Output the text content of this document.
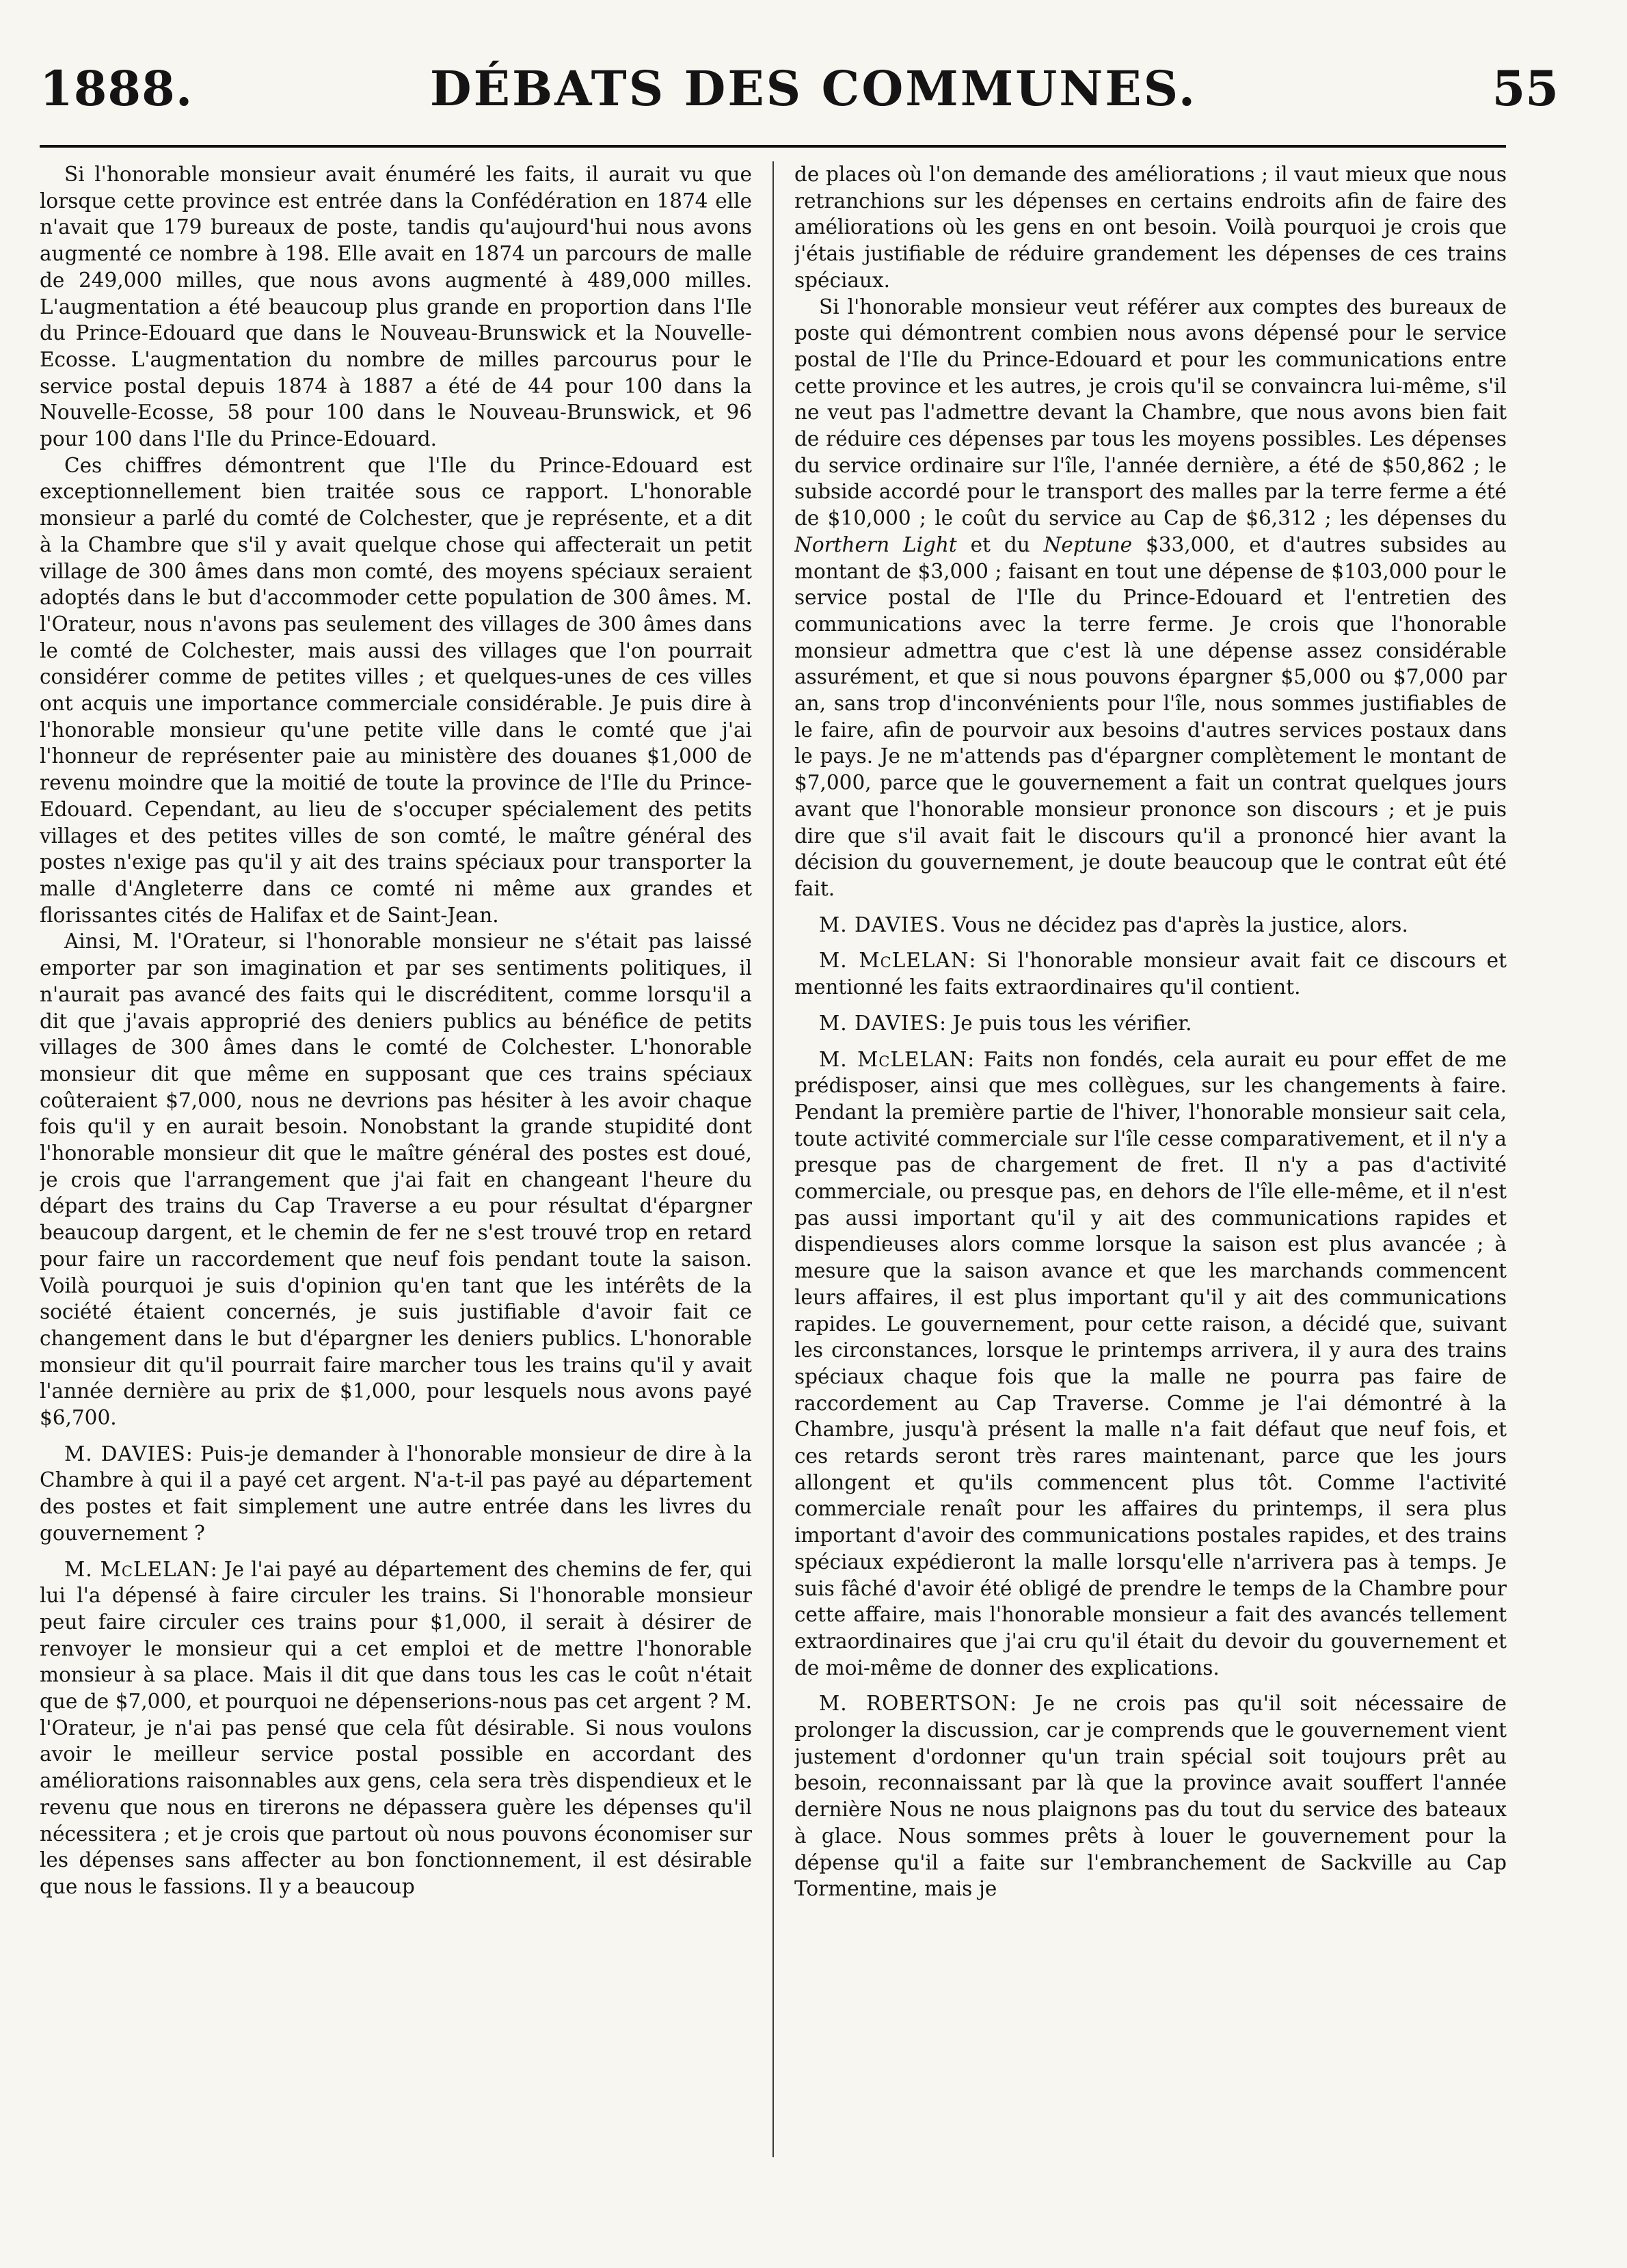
1888.	DÉBATS DES COMMUNES.	55

Si l'honorable monsieur avait énuméré les faits, il aurait vu que lorsque cette province est entrée dans la Confédération en 1874 elle n'avait que 179 bureaux de poste, tandis qu'aujourd'hui nous avons augmenté ce nombre à 198. Elle avait en 1874 un parcours de malle de 249,000 milles, que nous avons augmenté à 489,000 milles. L'augmentation a été beaucoup plus grande en proportion dans l'Ile du Prince-Edouard que dans le Nouveau-Brunswick et la Nouvelle-Ecosse. L'augmentation du nombre de milles parcourus pour le service postal depuis 1874 à 1887 a été de 44 pour 100 dans la Nouvelle-Ecosse, 58 pour 100 dans le Nouveau-Brunswick, et 96 pour 100 dans l'Ile du Prince-Edouard.

Ces chiffres démontrent que l'Ile du Prince-Edouard est exceptionnellement bien traitée sous ce rapport. L'honorable monsieur a parlé du comté de Colchester, que je représente, et a dit à la Chambre que s'il y avait quelque chose qui affecterait un petit village de 300 âmes dans mon comté, des moyens spéciaux seraient adoptés dans le but d'accommoder cette population de 300 âmes. M. l'Orateur, nous n'avons pas seulement des villages de 300 âmes dans le comté de Colchester, mais aussi des villages que l'on pourrait considérer comme de petites villes ; et quelques-unes de ces villes ont acquis une importance commerciale considérable. Je puis dire à l'honorable monsieur qu'une petite ville dans le comté que j'ai l'honneur de représenter paie au ministère des douanes $1,000 de revenu moindre que la moitié de toute la province de l'Ile du Prince-Edouard. Cependant, au lieu de s'occuper spécialement des petits villages et des petites villes de son comté, le maître général des postes n'exige pas qu'il y ait des trains spéciaux pour transporter la malle d'Angleterre dans ce comté ni même aux grandes et florissantes cités de Halifax et de Saint-Jean.

Ainsi, M. l'Orateur, si l'honorable monsieur ne s'était pas laissé emporter par son imagination et par ses sentiments politiques, il n'aurait pas avancé des faits qui le discréditent, comme lorsqu'il a dit que j'avais approprié des deniers publics au bénéfice de petits villages de 300 âmes dans le comté de Colchester. L'honorable monsieur dit que même en supposant que ces trains spéciaux coûteraient $7,000, nous ne devrions pas hésiter à les avoir chaque fois qu'il y en aurait besoin. Nonobstant la grande stupidité dont l'honorable monsieur dit que le maître général des postes est doué, je crois que l'arrangement que j'ai fait en changeant l'heure du départ des trains du Cap Traverse a eu pour résultat d'épargner beaucoup dargent, et le chemin de fer ne s'est trouvé trop en retard pour faire un raccordement que neuf fois pendant toute la saison. Voilà pourquoi je suis d'opinion qu'en tant que les intérêts de la société étaient concernés, je suis justifiable d'avoir fait ce changement dans le but d'épargner les deniers publics. L'honorable monsieur dit qu'il pourrait faire marcher tous les trains qu'il y avait l'année dernière au prix de $1,000, pour lesquels nous avons payé $6,700.

M. DAVIES: Puis-je demander à l'honorable monsieur de dire à la Chambre à qui il a payé cet argent. N'a-t-il pas payé au département des postes et fait simplement une autre entrée dans les livres du gouvernement ?

M. McLELAN: Je l'ai payé au département des chemins de fer, qui lui l'a dépensé à faire circuler les trains. Si l'honorable monsieur peut faire circuler ces trains pour $1,000, il serait à désirer de renvoyer le monsieur qui a cet emploi et de mettre l'honorable monsieur à sa place. Mais il dit que dans tous les cas le coût n'était que de $7,000, et pourquoi ne dépenserions-nous pas cet argent ? M. l'Orateur, je n'ai pas pensé que cela fût désirable. Si nous voulons avoir le meilleur service postal possible en accordant des améliorations raisonnables aux gens, cela sera très dispendieux et le revenu que nous en tirerons ne dépassera guère les dépenses qu'il nécessitera ; et je crois que partout où nous pouvons économiser sur les dépenses sans affecter au bon fonctionnement, il est désirable que nous le fassions. Il y a beaucoup

de places où l'on demande des améliorations ; il vaut mieux que nous retranchions sur les dépenses en certains endroits afin de faire des améliorations où les gens en ont besoin. Voilà pourquoi je crois que j'étais justifiable de réduire grandement les dépenses de ces trains spéciaux.

Si l'honorable monsieur veut référer aux comptes des bureaux de poste qui démontrent combien nous avons dépensé pour le service postal de l'Ile du Prince-Edouard et pour les communications entre cette province et les autres, je crois qu'il se convaincra lui-même, s'il ne veut pas l'admettre devant la Chambre, que nous avons bien fait de réduire ces dépenses par tous les moyens possibles. Les dépenses du service ordinaire sur l'île, l'année dernière, a été de $50,862 ; le subside accordé pour le transport des malles par la terre ferme a été de $10,000 ; le coût du service au Cap de $6,312 ; les dépenses du Northern Light et du Neptune $33,000, et d'autres subsides au montant de $3,000 ; faisant en tout une dépense de $103,000 pour le service postal de l'Ile du Prince-Edouard et l'entretien des communications avec la terre ferme. Je crois que l'honorable monsieur admettra que c'est là une dépense assez considérable assurément, et que si nous pouvons épargner $5,000 ou $7,000 par an, sans trop d'inconvénients pour l'île, nous sommes justifiables de le faire, afin de pourvoir aux besoins d'autres services postaux dans le pays. Je ne m'attends pas d'épargner complètement le montant de $7,000, parce que le gouvernement a fait un contrat quelques jours avant que l'honorable monsieur prononce son discours ; et je puis dire que s'il avait fait le discours qu'il a prononcé hier avant la décision du gouvernement, je doute beaucoup que le contrat eût été fait.

M. DAVIES. Vous ne décidez pas d'après la justice, alors.

M. McLELAN: Si l'honorable monsieur avait fait ce discours et mentionné les faits extraordinaires qu'il contient.

M. DAVIES: Je puis tous les vérifier.

M. McLELAN: Faits non fondés, cela aurait eu pour effet de me prédisposer, ainsi que mes collègues, sur les changements à faire. Pendant la première partie de l'hiver, l'honorable monsieur sait cela, toute activité commerciale sur l'île cesse comparativement, et il n'y a presque pas de chargement de fret. Il n'y a pas d'activité commerciale, ou presque pas, en dehors de l'île elle-même, et il n'est pas aussi important qu'il y ait des communications rapides et dispendieuses alors comme lorsque la saison est plus avancée ; à mesure que la saison avance et que les marchands commencent leurs affaires, il est plus important qu'il y ait des communications rapides. Le gouvernement, pour cette raison, a décidé que, suivant les circonstances, lorsque le printemps arrivera, il y aura des trains spéciaux chaque fois que la malle ne pourra pas faire de raccordement au Cap Traverse. Comme je l'ai démontré à la Chambre, jusqu'à présent la malle n'a fait défaut que neuf fois, et ces retards seront très rares maintenant, parce que les jours allongent et qu'ils commencent plus tôt. Comme l'activité commerciale renaît pour les affaires du printemps, il sera plus important d'avoir des communications postales rapides, et des trains spéciaux expédieront la malle lorsqu'elle n'arrivera pas à temps. Je suis fâché d'avoir été obligé de prendre le temps de la Chambre pour cette affaire, mais l'honorable monsieur a fait des avancés tellement extraordinaires que j'ai cru qu'il était du devoir du gouvernement et de moi-même de donner des explications.

M. ROBERTSON: Je ne crois pas qu'il soit nécessaire de prolonger la discussion, car je comprends que le gouvernement vient justement d'ordonner qu'un train spécial soit toujours prêt au besoin, reconnaissant par là que la province avait souffert l'année dernière Nous ne nous plaignons pas du tout du service des bateaux à glace. Nous sommes prêts à louer le gouvernement pour la dépense qu'il a faite sur l'embranchement de Sackville au Cap Tormentine, mais je
